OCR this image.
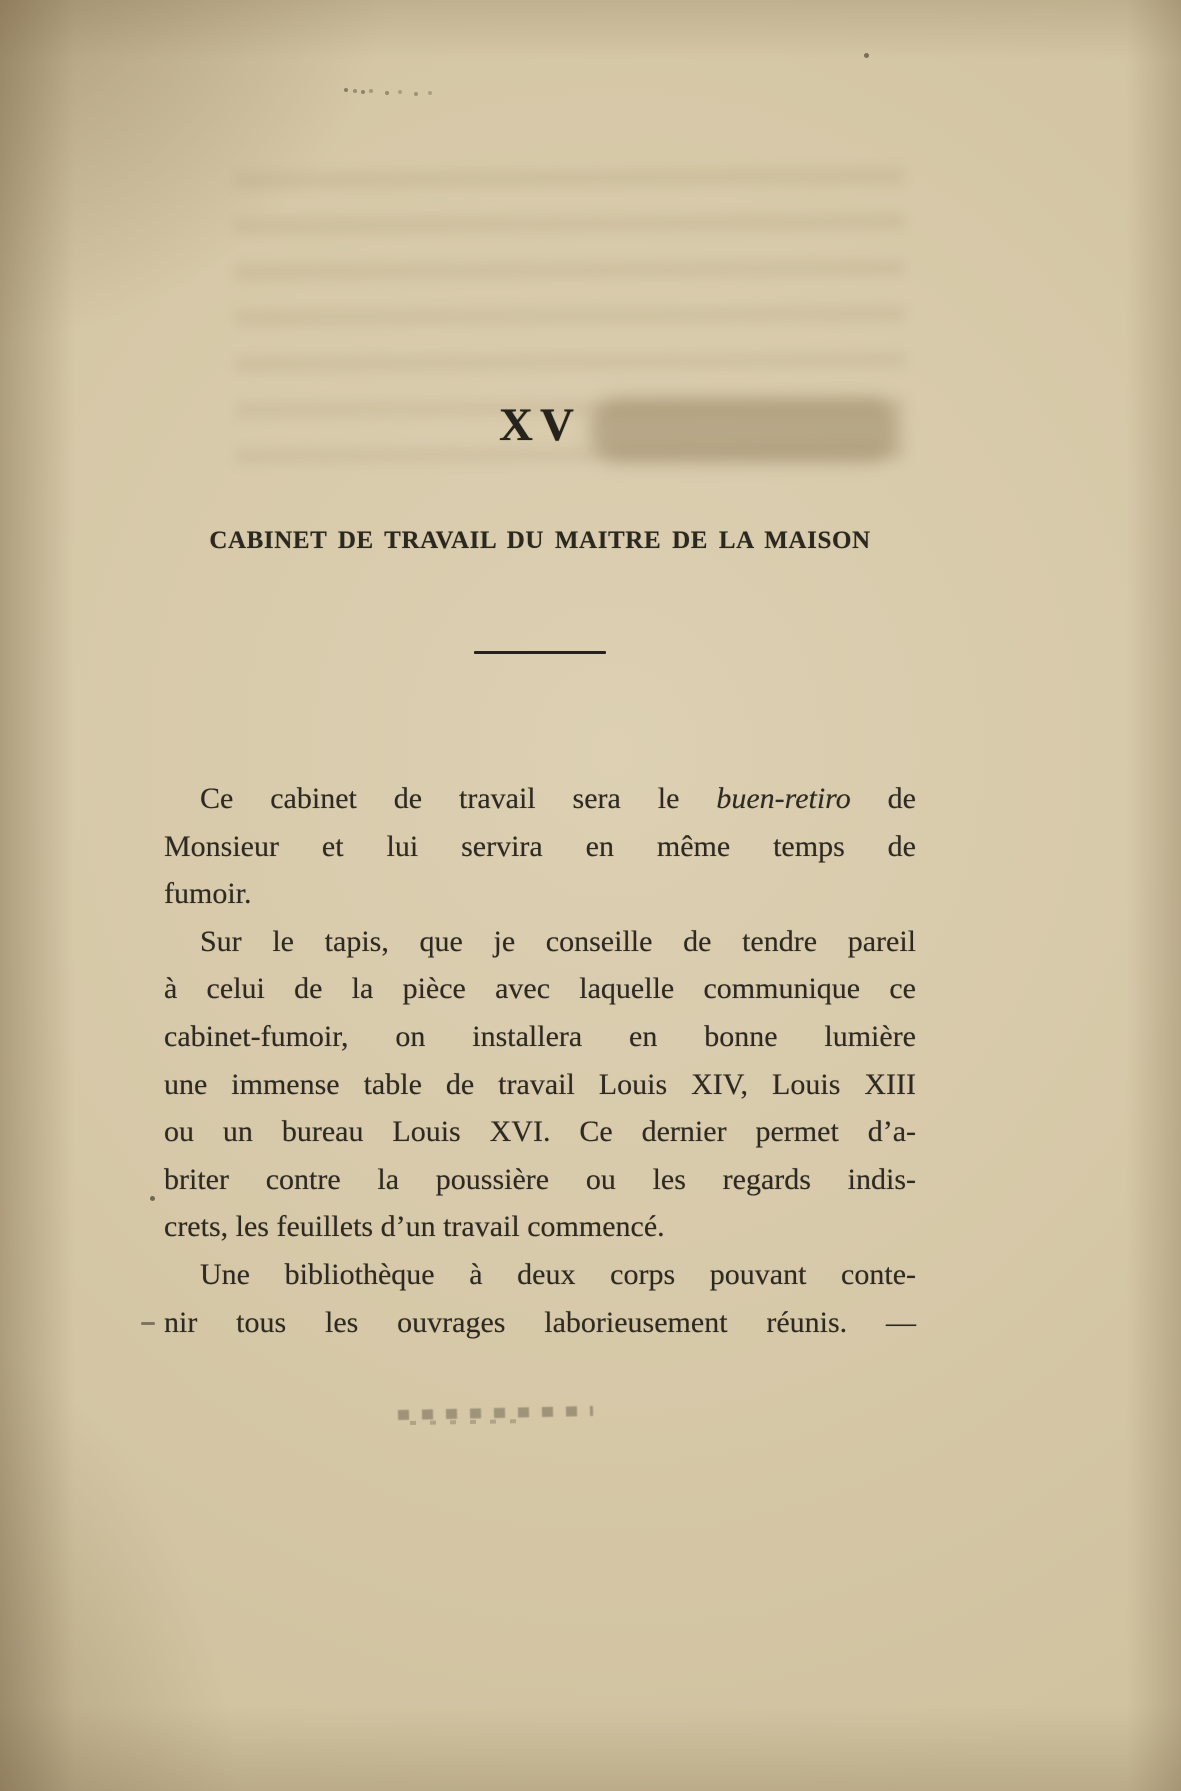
XV
CABINET DE TRAVAIL DU MAITRE DE LA MAISON
Ce cabinet de travail sera le buen-retiro de
Monsieur et lui servira en même temps de
fumoir.
Sur le tapis, que je conseille de tendre pareil
à celui de la pièce avec laquelle communique ce
cabinet-fumoir, on installera en bonne lumière
une immense table de travail Louis XIV, Louis XIII
ou un bureau Louis XVI. Ce dernier permet d’a-
briter contre la poussière ou les regards indis-
crets, les feuillets d’un travail commencé.
Une bibliothèque à deux corps pouvant conte-
nir tous les ouvrages laborieusement réunis. —
